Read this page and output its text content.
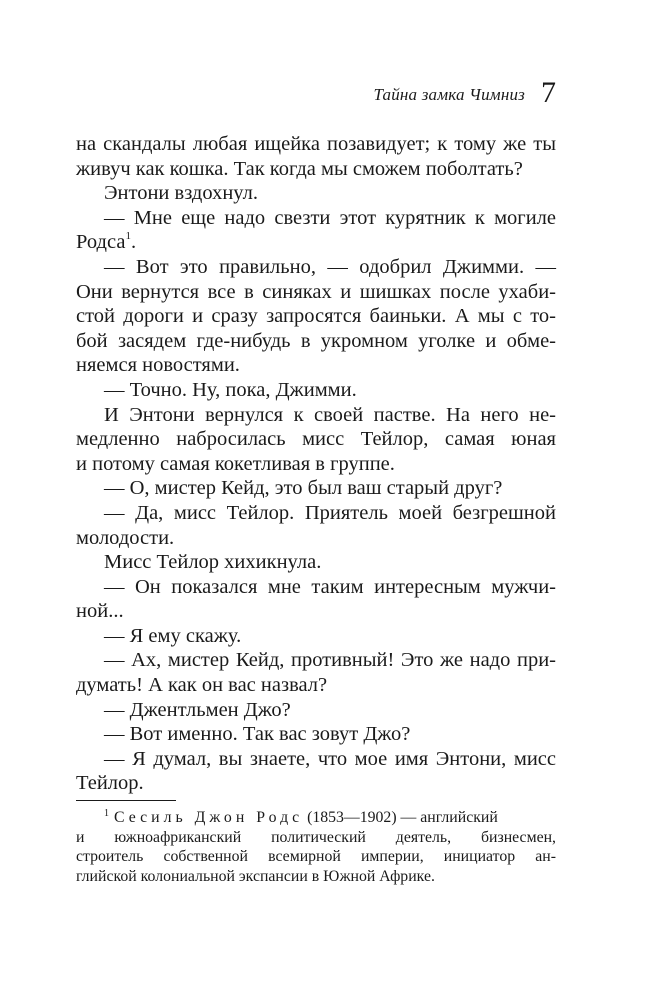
Тайна замка Чимниз 7
на скандалы любая ищейка позавидует; к тому же ты
живуч как кошка. Так когда мы сможем поболтать?
Энтони вздохнул.
— Мне еще надо свезти этот курятник к могиле
Родса$^1$.
— Вот это правильно, — одобрил Джимми. —
Они вернутся все в синяках и шишках после ухаби-
стой дороги и сразу запросятся баиньки. А мы с то-
бой засядем где-нибудь в укромном уголке и обме-
няемся новостями.
— Точно. Ну, пока, Джимми.
И Энтони вернулся к своей пастве. На него не-
медленно набросилась мисс Тейлор, самая юная
и потому самая кокетливая в группе.
— О, мистер Кейд, это был ваш старый друг?
— Да, мисс Тейлор. Приятель моей безгрешной
молодости.
Мисс Тейлор хихикнула.
— Он показался мне таким интересным мужчи-
ной...
— Я ему скажу.
— Ах, мистер Кейд, противный! Это же надо при-
думать! А как он вас назвал?
— Джентльмен Джо?
— Вот именно. Так вас зовут Джо?
— Я думал, вы знаете, что мое имя Энтони, мисс
Тейлор.
$^1$ Сесиль Джон Родс (1853—1902) — английский
и южноафриканский политический деятель, бизнесмен,
строитель собственной всемирной империи, инициатор ан-
глийской колониальной экспансии в Южной Африке.
